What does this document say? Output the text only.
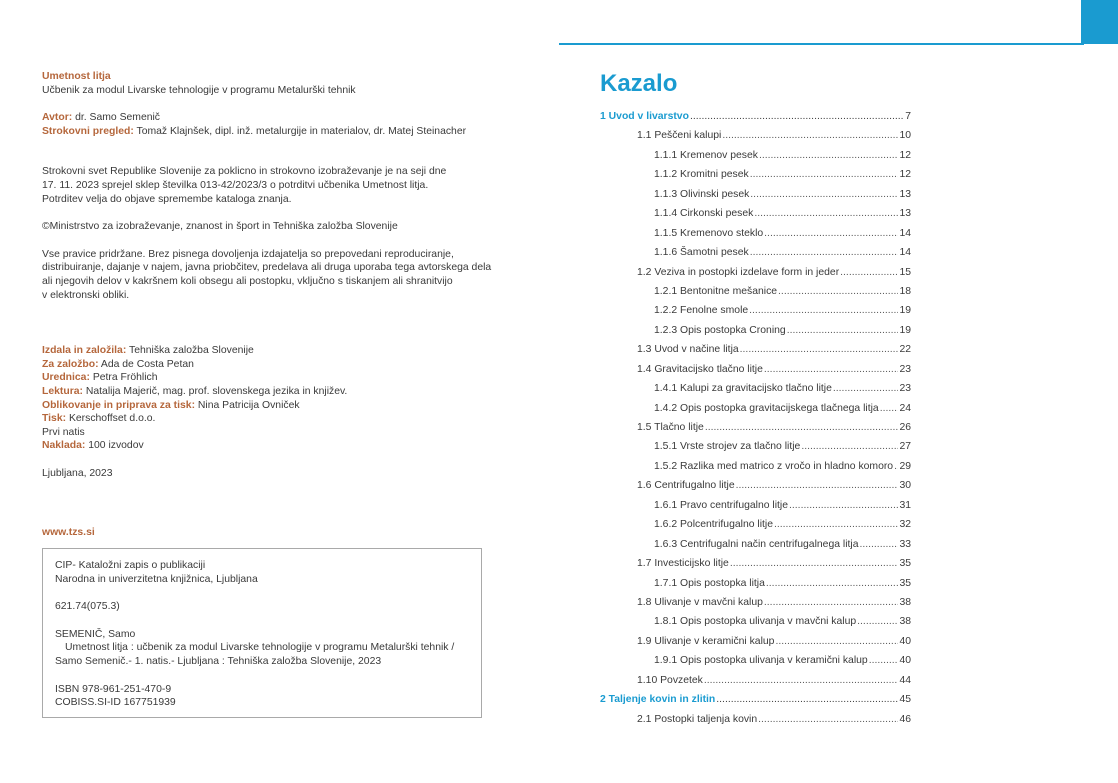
Umetnost litja

Učbenik za modul Livarske tehnologije v programu Metalurški tehnik

Avtor: dr. Samo Semenič

Strokovni pregled: Tomaž Klajnšek, dipl. inž. metalurgije in materialov, dr. Matej Steinacher

Strokovni svet Republike Slovenije za poklicno in strokovno izobraževanje je na seji dne

17. 11. 2023 sprejel sklep številka 013-42/2023/3 o potrditvi učbenika Umetnost litja.

Potrditev velja do objave spremembe kataloga znanja.

©Ministrstvo za izobraževanje, znanost in šport in Tehniška založba Slovenije

Vse pravice pridržane. Brez pisnega dovoljenja izdajatelja so prepovedani reproduciranje,

distribuiranje, dajanje v najem, javna priobčitev, predelava ali druga uporaba tega avtorskega dela

ali njegovih delov v kakršnem koli obsegu ali postopku, vključno s tiskanjem ali shranitvijo

v elektronski obliki.

Izdala in založila: Tehniška založba Slovenije

Za založbo: Ada de Costa Petan

Urednica: Petra Fröhlich

Lektura: Natalija Majerič, mag. prof. slovenskega jezika in književ.

Oblikovanje in priprava za tisk: Nina Patricija Ovniček

Tisk: Kerschoffset d.o.o.

Prvi natis

Naklada: 100 izvodov

Ljubljana, 2023

www.tzs.si

CIP- Kataložni zapis o publikaciji

Narodna in univerzitetna knjižnica, Ljubljana

621.74(075.3)

SEMENIČ, Samo

Umetnost litja : učbenik za modul Livarske tehnologije v programu Metalurški tehnik /

Samo Semenič.- 1. natis.- Ljubljana : Tehniška založba Slovenije, 2023

ISBN 978-961-251-470-9

COBISS.SI-ID 167751939

Kazalo
1 Uvod v livarstvo .....	7
1.1 Peščeni kalupi .....	10
1.1.1 Kremenov pesek .....	12
1.1.2 Kromitni pesek .....	12
1.1.3 Olivinski pesek .....	13
1.1.4 Cirkonski pesek .....	13
1.1.5 Kremenovo steklo .....	14
1.1.6 Šamotni pesek .....	14
1.2 Veziva in postopki izdelave form in jeder .....	15
1.2.1 Bentonitne mešanice .....	18
1.2.2 Fenolne smole .....	19
1.2.3 Opis postopka Croning .....	19
1.3 Uvod v načine litja .....	22
1.4 Gravitacijsko tlačno litje .....	23
1.4.1 Kalupi za gravitacijsko tlačno litje .....	23
1.4.2 Opis postopka gravitacijskega tlačnega litja ..... 24
1.5 Tlačno litje .....	26
1.5.1 Vrste strojev za tlačno litje .....	27
1.5.2 Razlika med matrico z vročo in hladno komoro ..... 29
1.6 Centrifugalno litje .....	30
1.6.1 Pravo centrifugalno litje .....	31
1.6.2 Polcentrifugalno litje .....	32
1.6.3 Centrifugalni način centrifugalnega litja .....	33
1.7 Investicijsko litje .....	35
1.7.1 Opis postopka litja .....	35
1.8 Ulivanje v mavčni kalup .....	38
1.8.1 Opis postopka ulivanja v mavčni kalup .....	38
1.9 Ulivanje v keramični kalup .....	40
1.9.1 Opis postopka ulivanja v keramični kalup .....	40
1.10 Povzetek .....	44
2 Taljenje kovin in zlitin .....	45
2.1 Postopki taljenja kovin .....	46
